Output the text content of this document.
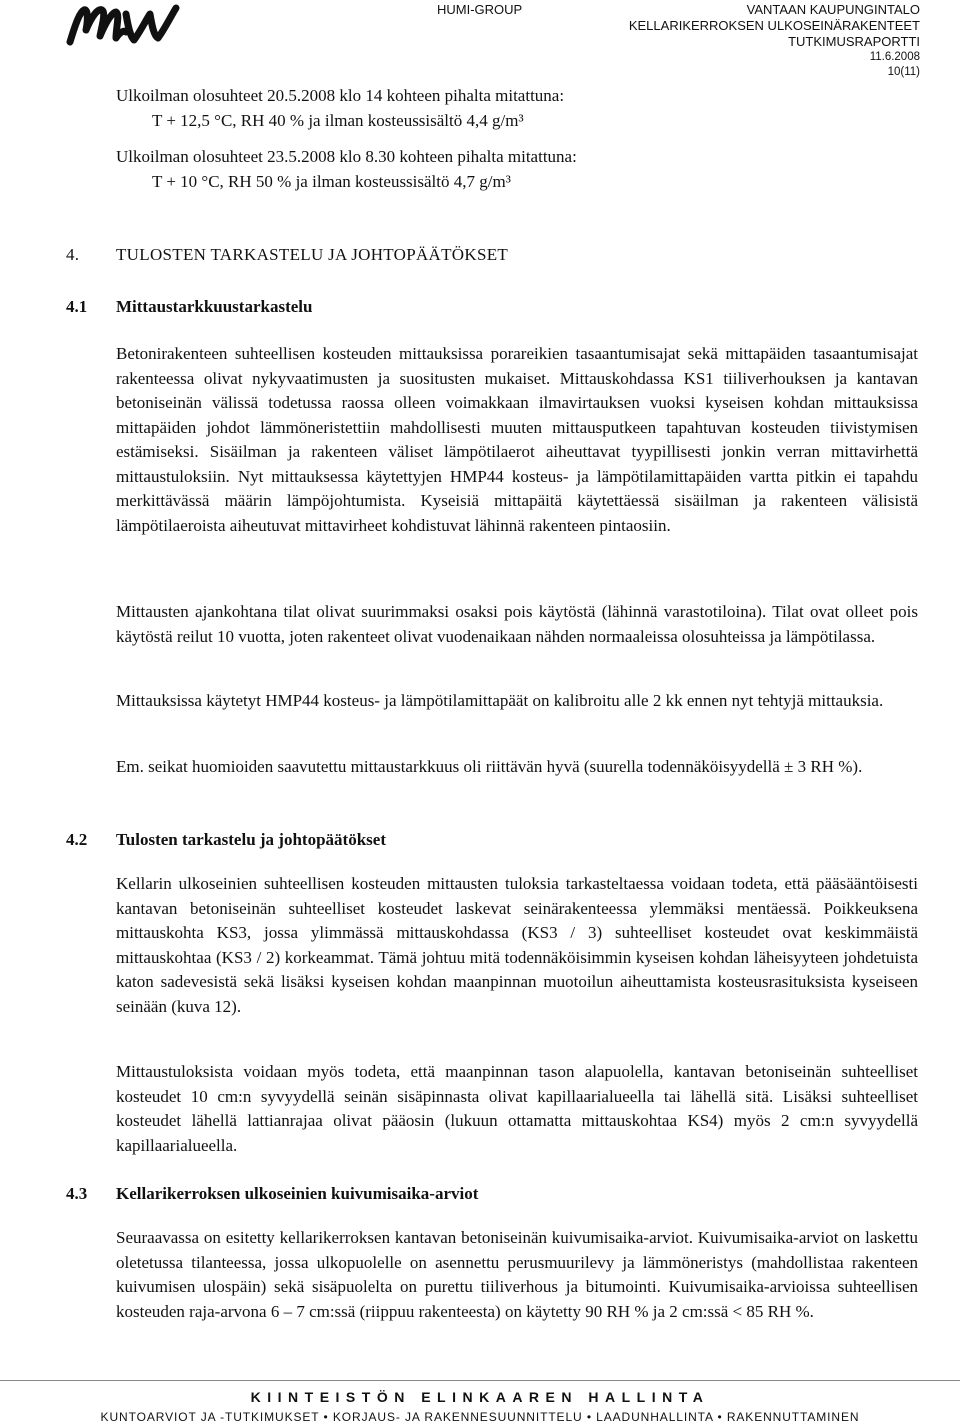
HUMI-GROUP	VANTAAN KAUPUNGINTALO
KELLARIKERROKSEN ULKOSEINÄRAKENTEET
TUTKIMUSRAPORTTI
11.6.2008
10(11)
Ulkoilman olosuhteet 20.5.2008 klo 14 kohteen pihalta mitattuna:
T + 12,5 °C, RH 40 % ja ilman kosteussisältö 4,4 g/m³
Ulkoilman olosuhteet 23.5.2008 klo 8.30 kohteen pihalta mitattuna:
T + 10 °C, RH 50 % ja ilman kosteussisältö 4,7 g/m³
4. TULOSTEN TARKASTELU JA JOHTOPÄÄTÖKSET
4.1 Mittaustarkkuustarkastelu
Betonirakenteen suhteellisen kosteuden mittauksissa porareikien tasaantumisajat sekä mittapäiden tasaantumisajat rakenteessa olivat nykyvaatimusten ja suositusten mukaiset. Mittauskohdassa KS1 tiiliverhouksen ja kantavan betoniseinän välissä todetussa raossa olleen voimakkaan ilmavirtauksen vuoksi kyseisen kohdan mittauksissa mittapäiden johdot lämmöneristettiin mahdollisesti muuten mittausputkeen tapahtuvan kosteuden tiivistymisen estämiseksi. Sisäilman ja rakenteen väliset lämpötilaerot aiheuttavat tyypillisesti jonkin verran mittavirhettä mittaustuloksiin. Nyt mittauksessa käytettyjen HMP44 kosteus- ja lämpötilamittapäiden vartta pitkin ei tapahdu merkittävässä määrin lämpöjohtumista. Kyseisiä mittapäitä käytettäessä sisäilman ja rakenteen välisistä lämpötilaeroista aiheutuvat mittavirheet kohdistuvat lähinnä rakenteen pintaosiin.
Mittausten ajankohtana tilat olivat suurimmaksi osaksi pois käytöstä (lähinnä varastotiloina). Tilat ovat olleet pois käytöstä reilut 10 vuotta, joten rakenteet olivat vuodenaikaan nähden normaaleissa olosuhteissa ja lämpötilassa.
Mittauksissa käytetyt HMP44 kosteus- ja lämpötilamittapäät on kalibroitu alle 2 kk ennen nyt tehtyjä mittauksia.
Em. seikat huomioiden saavutettu mittaustarkkuus oli riittävän hyvä (suurella todennäköisyydellä ± 3 RH %).
4.2 Tulosten tarkastelu ja johtopäätökset
Kellarin ulkoseinien suhteellisen kosteuden mittausten tuloksia tarkasteltaessa voidaan todeta, että pääsääntöisesti kantavan betoniseinän suhteelliset kosteudet laskevat seinärakenteessa ylemmäksi mentäessä. Poikkeuksena mittauskohta KS3, jossa ylimmässä mittauskohdassa (KS3 / 3) suhteelliset kosteudet ovat keskimmäistä mittauskohtaa (KS3 / 2) korkeammat. Tämä johtuu mitä todennäköisimmin kyseisen kohdan läheisyyteen johdetuista katon sadevesistä sekä lisäksi kyseisen kohdan maanpinnan muotoilun aiheuttamista kosteusrasituksista kyseiseen seinään (kuva 12).
Mittaustuloksista voidaan myös todeta, että maanpinnan tason alapuolella, kantavan betoniseinän suhteelliset kosteudet 10 cm:n syvyydellä seinän sisäpinnasta olivat kapillaarialueella tai lähellä sitä. Lisäksi suhteelliset kosteudet lähellä lattianrajaa olivat pääosin (lukuun ottamatta mittauskohtaa KS4) myös 2 cm:n syvyydellä kapillaarialueella.
4.3 Kellarikerroksen ulkoseinien kuivumisaika-arviot
Seuraavassa on esitetty kellarikerroksen kantavan betoniseinän kuivumisaika-arviot. Kuivumisaika-arviot on laskettu oletetussa tilanteessa, jossa ulkopuolelle on asennettu perusmuurilevy ja lämmöneristys (mahdollistaa rakenteen kuivumisen ulospäin) sekä sisäpuolelta on purettu tiiliverhous ja bitumointi. Kuivumisaika-arvioissa suhteellisen kosteuden raja-arvona 6 – 7 cm:ssä (riippuu rakenteesta) on käytetty 90 RH % ja 2 cm:ssä < 85 RH %.
KIINTEISTÖN ELINKAAREN HALLINTA
KUNTOARVIOT JA -TUTKIMUKSET • KORJAUS- JA RAKENNESUUNNITTELU • LAADUNHALLINTA • RAKENNUTTAMINEN
